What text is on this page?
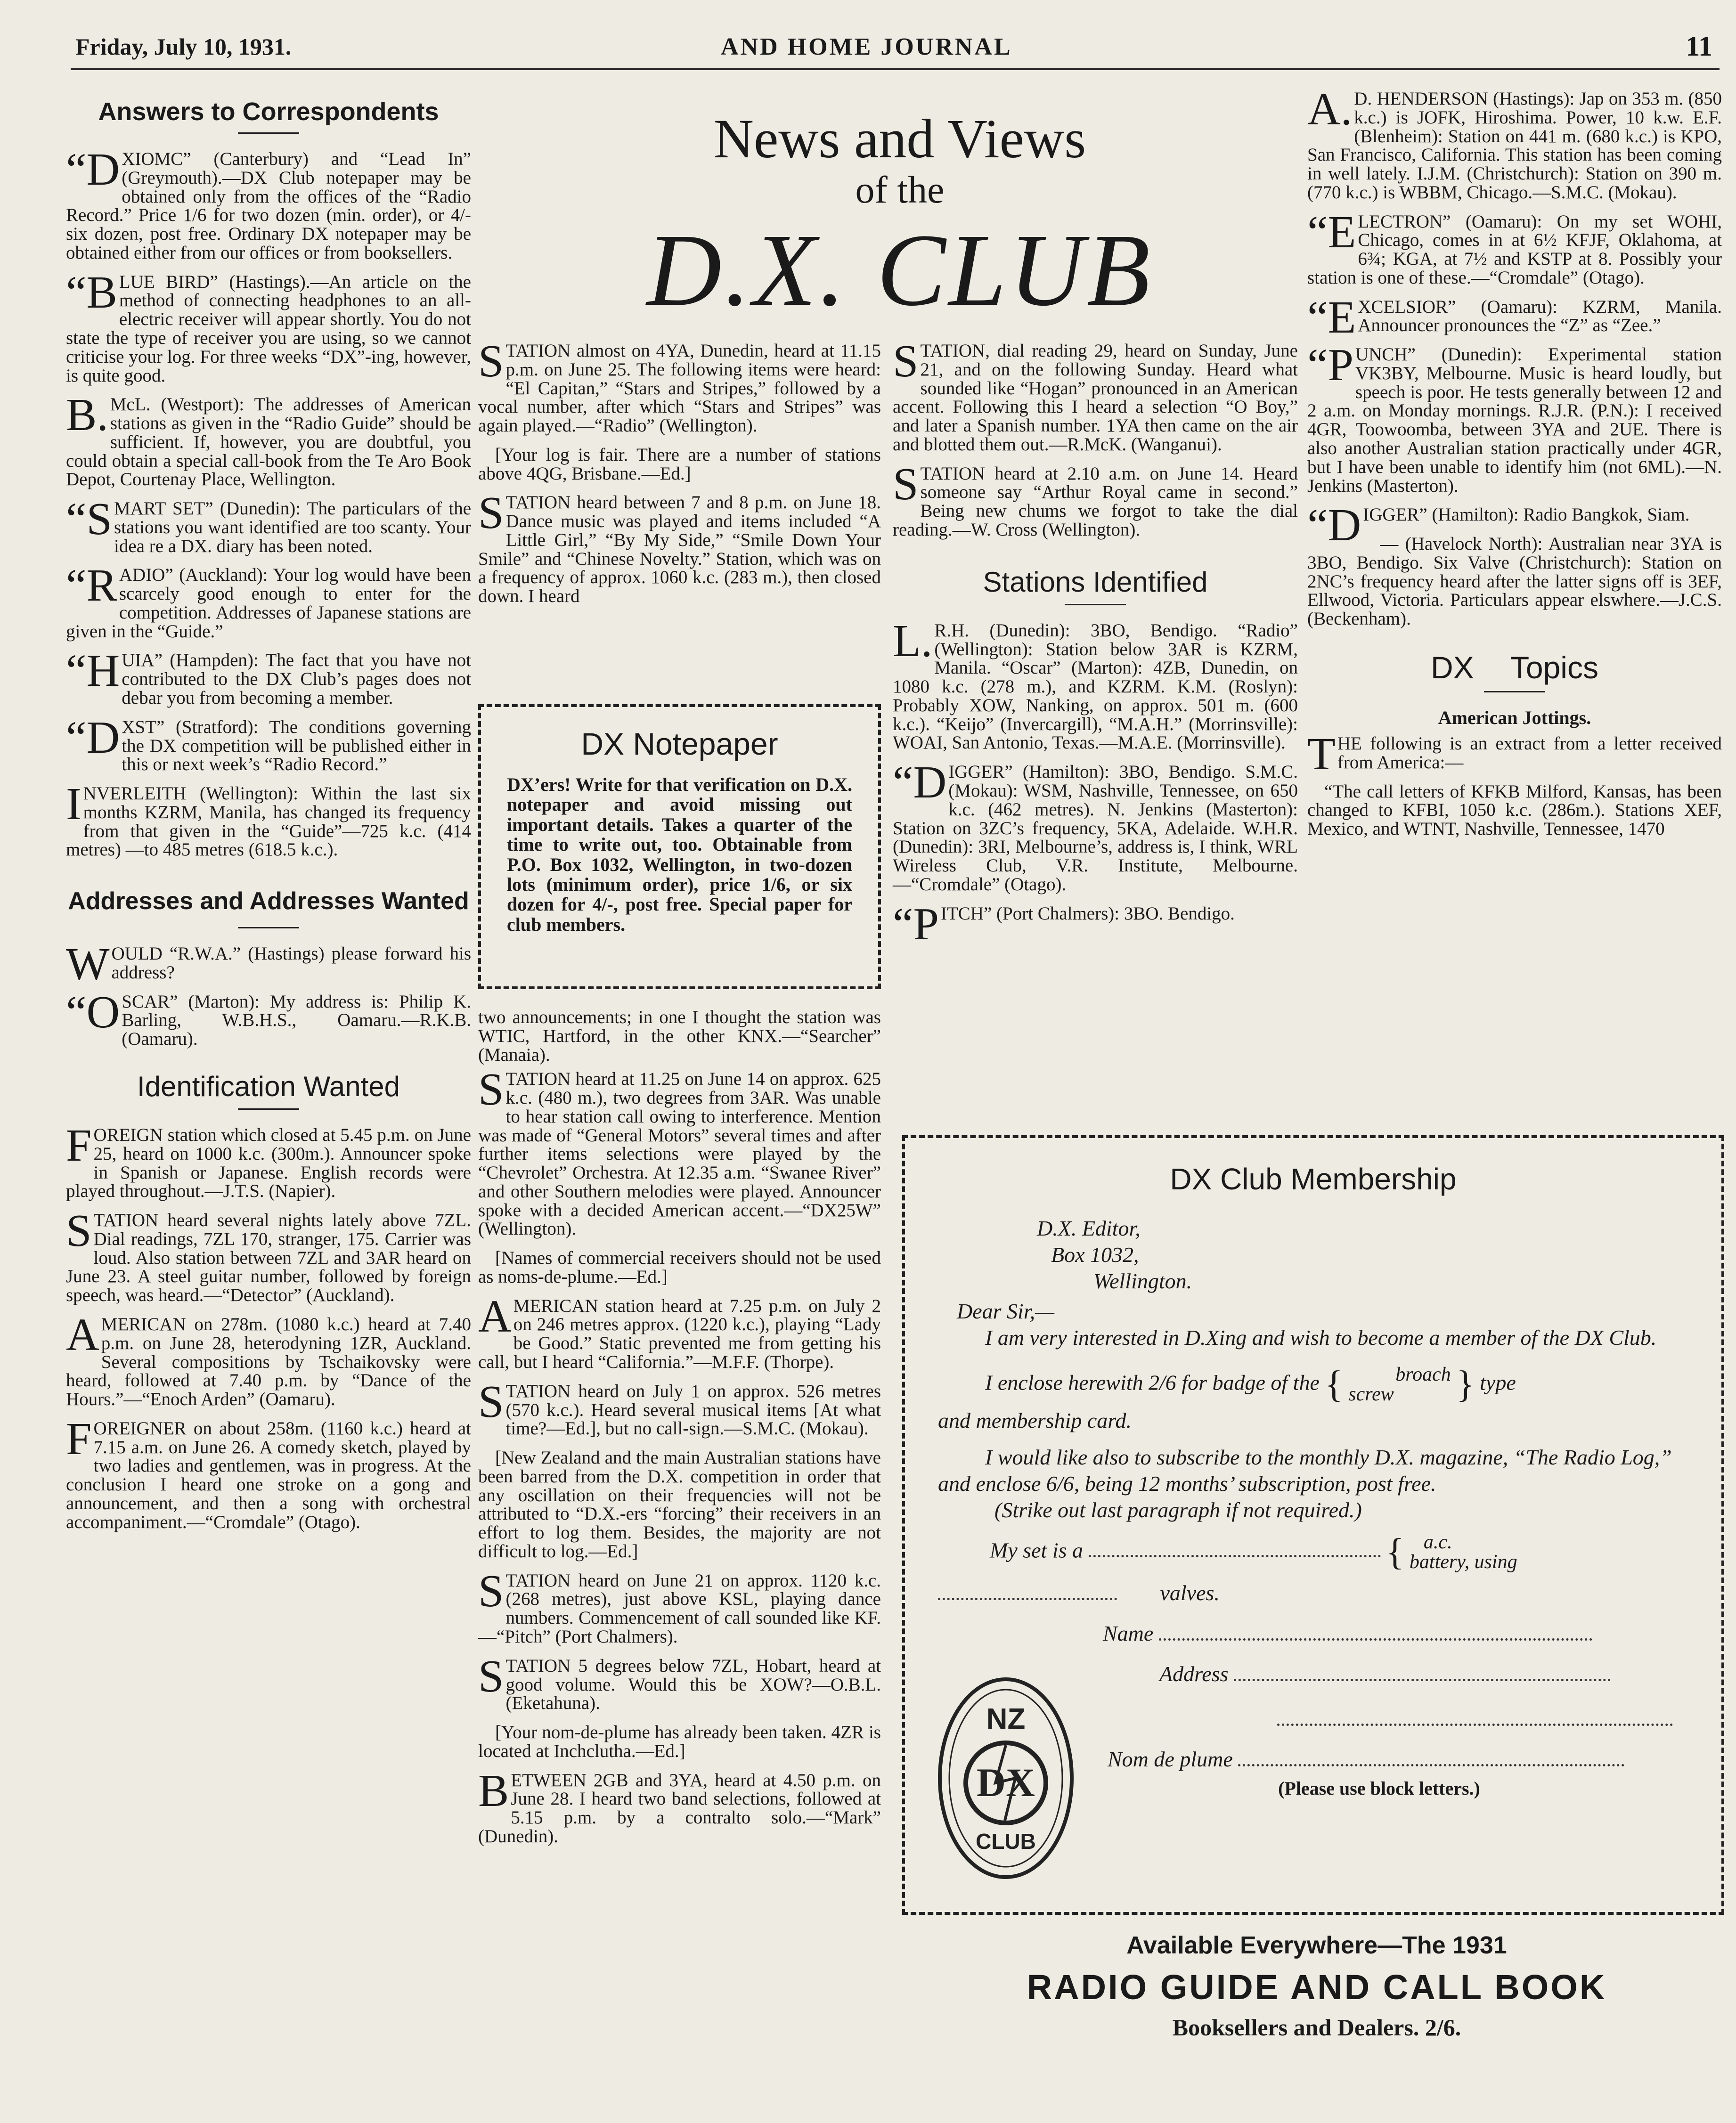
Friday, July 10, 1931.	AND HOME JOURNAL	11
News and Views
of the
D.X. CLUB
Answers to Correspondents

“DXIOMC” (Canterbury) and “Lead In” (Greymouth).—DX Club notepaper may be obtained only from the offices of the “Radio Record.” Price 1/6 for two dozen (min. order), or 4/- six dozen, post free. Ordinary DX notepaper may be obtained either from our offices or from booksellers.

“BLUE BIRD” (Hastings).—An article on the method of connecting headphones to an all-electric receiver will appear shortly. You do not state the type of receiver you are using, so we cannot criticise your log. For three weeks “DX”-ing, however, is quite good.

B. McL. (Westport): The addresses of American stations as given in the “Radio Guide” should be sufficient. If, however, you are doubtful, you could obtain a special call-book from the Te Aro Book Depot, Courtenay Place, Wellington.

“SMART SET” (Dunedin): The particulars of the stations you want identified are too scanty. Your idea re a DX. diary has been noted.

“RADIO” (Auckland): Your log would have been scarcely good enough to enter for the competition. Addresses of Japanese stations are given in the “Guide.”

“HUIA” (Hampden): The fact that you have not contributed to the DX Club’s pages does not debar you from becoming a member.

“DXST” (Stratford): The conditions governing the DX competition will be published either in this or next week’s “Radio Record.”

INVERLEITH (Wellington): Within the last six months KZRM, Manila, has changed its frequency from that given in the “Guide”—725 k.c. (414 metres) —to 485 metres (618.5 k.c.).

Addresses and Addresses Wanted

WOULD “R.W.A.” (Hastings) please forward his address?

“OSCAR” (Marton): My address is: Philip K. Barling, W.B.H.S., Oamaru.—R.K.B. (Oamaru).

Identification Wanted

FOREIGN station which closed at 5.45 p.m. on June 25, heard on 1000 k.c. (300m.). Announcer spoke in Spanish or Japanese. English records were played throughout.—J.T.S. (Napier).

STATION heard several nights lately above 7ZL. Dial readings, 7ZL 170, stranger, 175. Carrier was loud. Also station between 7ZL and 3AR heard on June 23. A steel guitar number, followed by foreign speech, was heard.—“Detector” (Auckland).

AMERICAN on 278m. (1080 k.c.) heard at 7.40 p.m. on June 28, heterodyning 1ZR, Auckland. Several compositions by Tschaikovsky were heard, followed at 7.40 p.m. by “Dance of the Hours.”—“Enoch Arden” (Oamaru).

FOREIGNER on about 258m. (1160 k.c.) heard at 7.15 a.m. on June 26. A comedy sketch, played by two ladies and gentlemen, was in progress. At the conclusion I heard one stroke on a gong and announcement, and then a song with orchestral accompaniment.—“Cromdale” (Otago).

STATION almost on 4YA, Dunedin, heard at 11.15 p.m. on June 25. The following items were heard: “El Capitan,” “Stars and Stripes,” followed by a vocal number, after which “Stars and Stripes” was again played.—“Radio” (Wellington).

[Your log is fair. There are a number of stations above 4QG, Brisbane.—Ed.]

STATION heard between 7 and 8 p.m. on June 18. Dance music was played and items included “A Little Girl,” “By My Side,” “Smile Down Your Smile” and “Chinese Novelty.” Station, which was on a frequency of approx. 1060 k.c. (283 m.), then closed down. I heard

DX Notepaper

DX’ers! Write for that verification on D.X. notepaper and avoid missing out important details. Takes a quarter of the time to write out, too. Obtainable from P.O. Box 1032, Wellington, in two-dozen lots (minimum order), price 1/6, or six dozen for 4/-, post free. Special paper for club members.

two announcements; in one I thought the station was WTIC, Hartford, in the other KNX.—“Searcher” (Manaia).

STATION heard at 11.25 on June 14 on approx. 625 k.c. (480 m.), two degrees from 3AR. Was unable to hear station call owing to interference. Mention was made of “General Motors” several times and after further items selections were played by the “Chevrolet” Orchestra. At 12.35 a.m. “Swanee River” and other Southern melodies were played. Announcer spoke with a decided American accent.—“DX25W” (Wellington).

[Names of commercial receivers should not be used as noms-de-plume.—Ed.]

AMERICAN station heard at 7.25 p.m. on July 2 on 246 metres approx. (1220 k.c.), playing “Lady be Good.” Static prevented me from getting his call, but I heard “California.”—M.F.F. (Thorpe).

STATION heard on July 1 on approx. 526 metres (570 k.c.). Heard several musical items [At what time?—Ed.], but no call-sign.—S.M.C. (Mokau).

[New Zealand and the main Australian stations have been barred from the D.X. competition in order that any oscillation on their frequencies will not be attributed to “D.X.-ers “forcing” their receivers in an effort to log them. Besides, the majority are not difficult to log.—Ed.]

STATION heard on June 21 on approx. 1120 k.c. (268 metres), just above KSL, playing dance numbers. Commencement of call sounded like KF.—“Pitch” (Port Chalmers).

STATION 5 degrees below 7ZL, Hobart, heard at good volume. Would this be XOW?—O.B.L. (Eketahuna).

[Your nom-de-plume has already been taken. 4ZR is located at Inchclutha.—Ed.]

BETWEEN 2GB and 3YA, heard at 4.50 p.m. on June 28. I heard two band selections, followed at 5.15 p.m. by a contralto solo.—“Mark” (Dunedin).

STATION, dial reading 29, heard on Sunday, June 21, and on the following Sunday. Heard what sounded like “Hogan” pronounced in an American accent. Following this I heard a selection “O Boy,” and later a Spanish number. 1YA then came on the air and blotted them out.—R.McK. (Wanganui).

STATION heard at 2.10 a.m. on June 14. Heard someone say “Arthur Royal came in second.” Being new chums we forgot to take the dial reading.—W. Cross (Wellington).

Stations Identified

L. R.H. (Dunedin): 3BO, Bendigo. “Radio” (Wellington): Station below 3AR is KZRM, Manila. “Oscar” (Marton): 4ZB, Dunedin, on 1080 k.c. (278 m.), and KZRM. K.M. (Roslyn): Probably XOW, Nanking, on approx. 501 m. (600 k.c.). “Keijo” (Invercargill), “M.A.H.” (Morrinsville): WOAI, San Antonio, Texas.—M.A.E. (Morrinsville).

“DIGGER” (Hamilton): 3BO, Bendigo. S.M.C. (Mokau): WSM, Nashville, Tennessee, on 650 k.c. (462 metres). N. Jenkins (Masterton): Station on 3ZC’s frequency, 5KA, Adelaide. W.H.R. (Dunedin): 3RI, Melbourne’s, address is, I think, WRL Wireless Club, V.R. Institute, Melbourne.—“Cromdale” (Otago).

“PITCH” (Port Chalmers): 3BO. Bendigo.

A. D. HENDERSON (Hastings): Jap on 353 m. (850 k.c.) is JOFK, Hiroshima. Power, 10 k.w. E.F. (Blenheim): Station on 441 m. (680 k.c.) is KPO, San Francisco, California. This station has been coming in well lately. I.J.M. (Christchurch): Station on 390 m. (770 k.c.) is WBBM, Chicago.—S.M.C. (Mokau).

“ELECTRON” (Oamaru): On my set WOHI, Chicago, comes in at 6½ KFJF, Oklahoma, at 6¾; KGA, at 7½ and KSTP at 8. Possibly your station is one of these.—“Cromdale” (Otago).

“EXCELSIOR” (Oamaru): KZRM, Manila. Announcer pronounces the “Z” as “Zee.”

“PUNCH” (Dunedin): Experimental station VK3BY, Melbourne. Music is heard loudly, but speech is poor. He tests generally between 12 and 2 a.m. on Monday mornings. R.J.R. (P.N.): I received 4GR, Toowoomba, between 3YA and 2UE. There is also another Australian station practically under 4GR, but I have been unable to identify him (not 6ML).—N. Jenkins (Masterton).

“DIGGER” (Hamilton): Radio Bangkok, Siam.

— (Havelock North): Australian near 3YA is 3BO, Bendigo. Six Valve (Christchurch): Station on 2NC’s frequency heard after the latter signs off is 3EF, Ellwood, Victoria. Particulars appear elswhere.—J.C.S. (Beckenham).

DX Topics
American Jottings.

THE following is an extract from a letter received from America:—

“The call letters of KFKB Milford, Kansas, has been changed to KFBI, 1050 k.c. (286m.). Stations XEF, Mexico, and WTNT, Nashville, Tennessee, 1470

DX Club Membership
D.X. Editor,
Box 1032,
Wellington.
Dear Sir,—

I am very interested in D.Xing and wish to become a member of the DX Club.

I enclose herewith 2/6 for badge of the {	broach
screw } type
and membership card.

I would like also to subscribe to the monthly D.X. magazine, “The Radio Log,” and enclose 6/6, being 12 months’ subscription, post free.

(Strike out last paragraph if not required.)

My set is a	{ a.c.
battery, using
valves.
Name
Address
Nom de plume
(Please use block letters.)
NZ
DX
CLUB
Available Everywhere—The 1931
RADIO GUIDE AND CALL BOOK
Booksellers and Dealers. 2/6.
